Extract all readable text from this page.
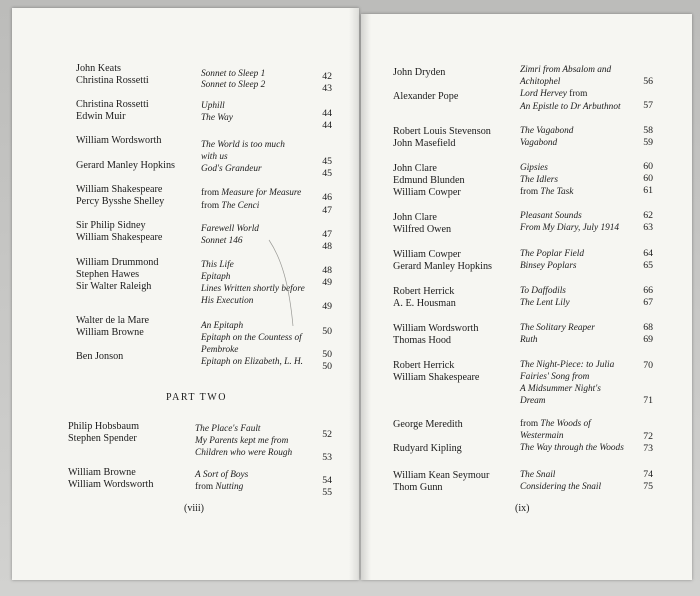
John Keats
Christina Rossetti
Christina Rossetti
Edwin Muir
William Wordsworth
Gerard Manley Hopkins
William Shakespeare
Percy Bysshe Shelley
Sir Philip Sidney
William Shakespeare
William Drummond
Stephen Hawes
Sir Walter Raleigh
Walter de la Mare
William Browne
Ben Jonson
Philip Hobsbaum
Stephen Spender
William Browne
William Wordsworth
Sonnet to Sleep 1
Sonnet to Sleep 2
Uphill
The Way
The World is too much
with us
God's Grandeur
from Measure for Measure
from The Cenci
Farewell World
Sonnet 146
This Life
Epitaph
Lines Written shortly before
His Execution
An Epitaph
Epitaph on the Countess of
Pembroke
Epitaph on Elizabeth, L. H.
The Place's Fault
My Parents kept me from
Children who were Rough
A Sort of Boys
from Nutting
42
43
44
44
45
45
46
47
47
48
48
49
49
50
50
50
52
53
54
55
PART TWO
(viii)
John Dryden
Alexander Pope
Robert Louis Stevenson
John Masefield
John Clare
Edmund Blunden
William Cowper
John Clare
Wilfred Owen
William Cowper
Gerard Manley Hopkins
Robert Herrick
A. E. Housman
William Wordsworth
Thomas Hood
Robert Herrick
William Shakespeare
George Meredith
Rudyard Kipling
William Kean Seymour
Thom Gunn
Zimri from Absalom and
Achitophel
Lord Hervey from
An Epistle to Dr Arbuthnot
The Vagabond
Vagabond
Gipsies
The Idlers
from The Task
Pleasant Sounds
From My Diary, July 1914
The Poplar Field
Binsey Poplars
To Daffodils
The Lent Lily
The Solitary Reaper
Ruth
The Night-Piece: to Julia
Fairies' Song from
A Midsummer Night's
Dream
from The Woods of
Westermain
The Way through the Woods
The Snail
Considering the Snail
56
57
58
59
60
60
61
62
63
64
65
66
67
68
69
70
71
72
73
74
75
(ix)
